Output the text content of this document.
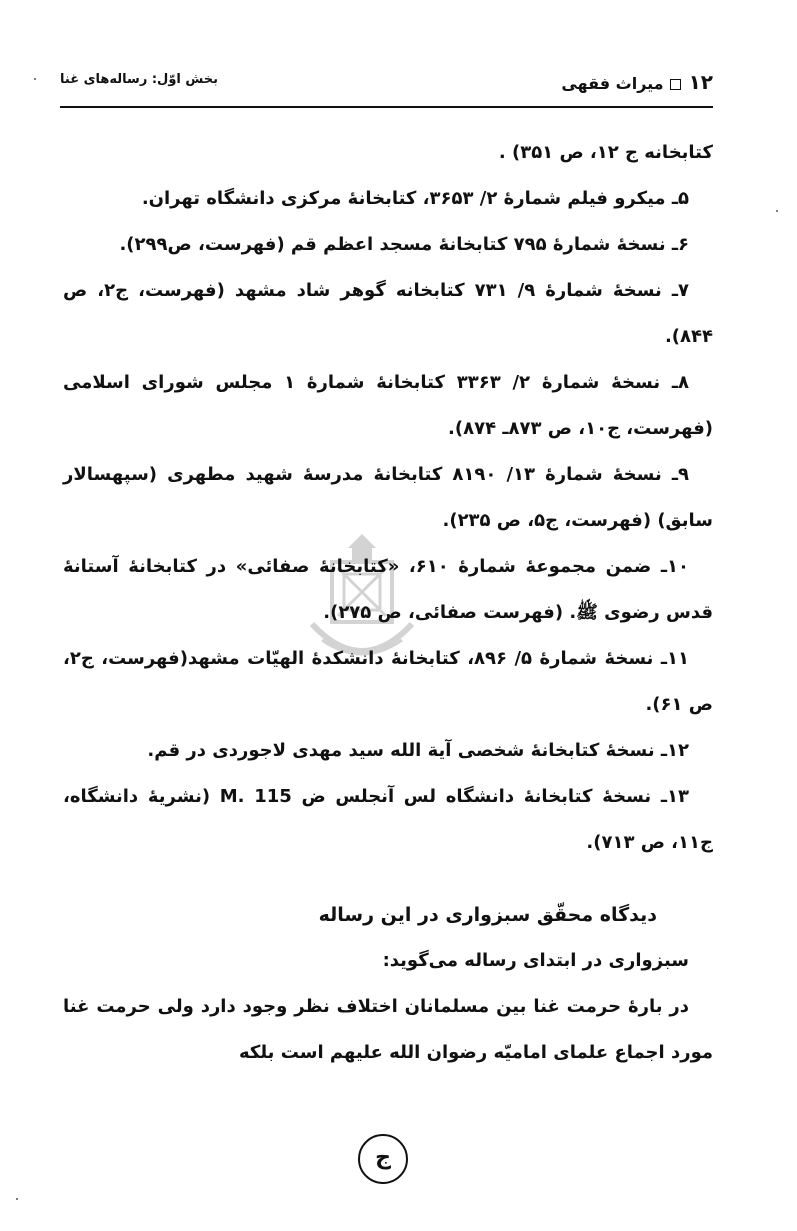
۱۲میراث فقهی
بخش اوّل: رساله‌های غنا

کتابخانه ج ۱۲، ص ۳۵۱) .

۵ـ میکرو فیلم شمارهٔ ۲/ ۳۶۵۳، کتابخانهٔ مرکزی دانشگاه تهران.

۶ـ نسخهٔ شمارهٔ ۷۹۵ کتابخانهٔ مسجد اعظم قم (فهرست، ص۲۹۹).

۷ـ نسخهٔ شمارهٔ ۹/ ۷۳۱ کتابخانه گوهر شاد مشهد (فهرست، ج۲، ص ۸۴۴).

۸ـ نسخهٔ شمارهٔ ۲/ ۳۳۶۳ کتابخانهٔ شمارهٔ ۱ مجلس شورای اسلامی (فهرست، ج۱۰، ص ۸۷۳ـ ۸۷۴).

۹ـ نسخهٔ شمارهٔ ۱۳/ ۸۱۹۰ کتابخانهٔ مدرسهٔ شهید مطهری (سپهسالار سابق) (فهرست، ج۵، ص ۲۳۵).

۱۰ـ ضمن مجموعهٔ شمارهٔ ۶۱۰، «کتابخانهٔ صفائی» در کتابخانهٔ آستانهٔ قدس رضوی ﷺ. (فهرست صفائی، ص ۲۷۵).

۱۱ـ نسخهٔ شمارهٔ ۵/ ۸۹۶، کتابخانهٔ دانشکدهٔ الهیّات مشهد(فهرست، ج۲، ص ۶۱).

۱۲ـ نسخهٔ کتابخانهٔ شخصی آیة الله سید مهدی لاجوردی در قم.

۱۳ـ نسخهٔ کتابخانهٔ دانشگاه لس آنجلس ض M. 115 (نشریهٔ دانشگاه، ج۱۱، ص ۷۱۳).

دیدگاه محقّق سبزواری در این رساله

سبزواری در ابتدای رساله می‌گوید:

در بارهٔ حرمت غنا بین مسلمانان اختلاف نظر وجود دارد ولی حرمت غنا مورد اجماع علمای امامیّه رضوان الله علیهم است بلکه

ج
